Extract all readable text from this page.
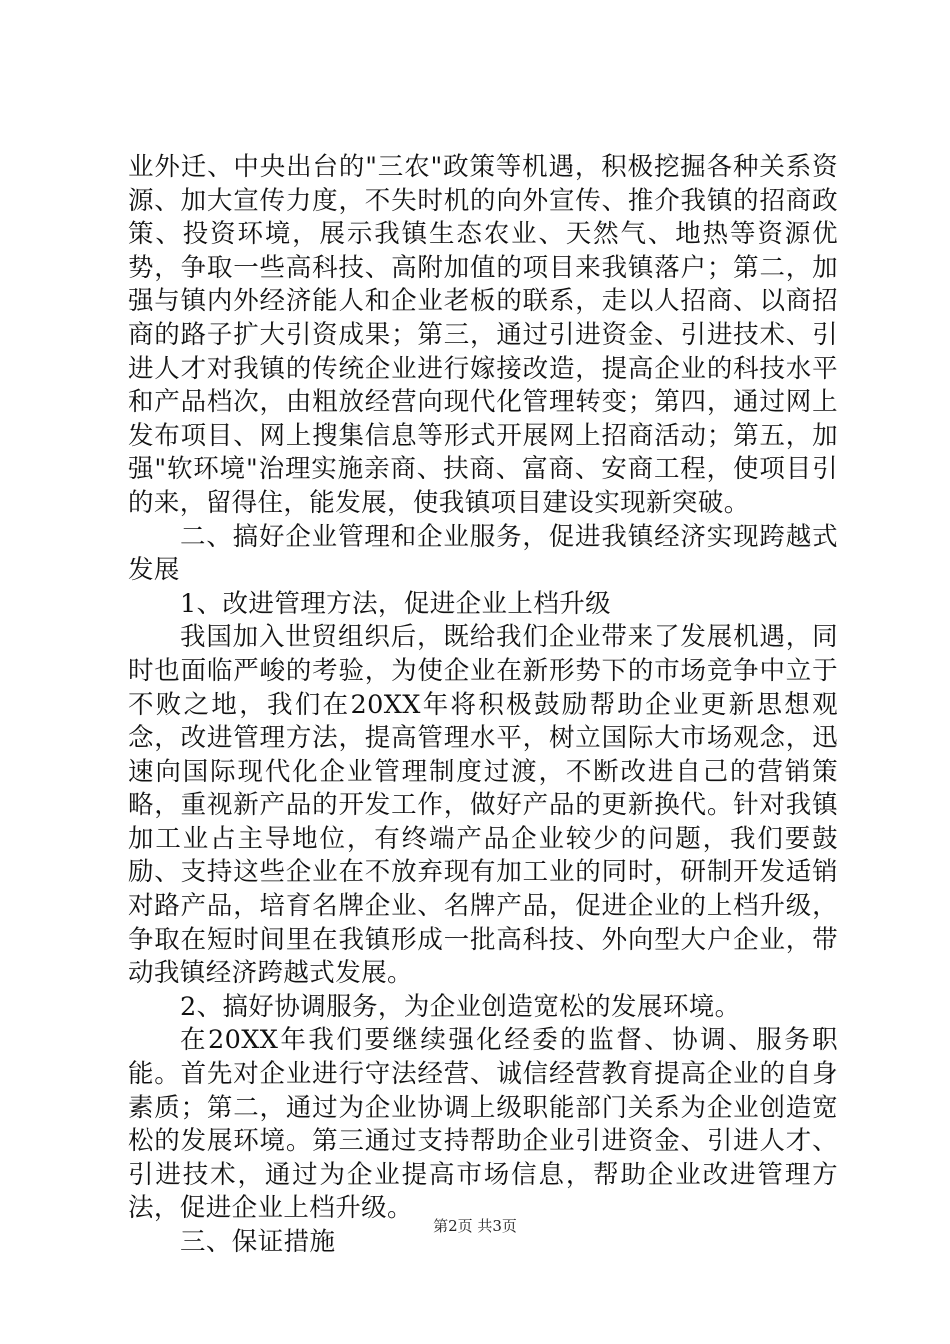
业外迁、中央出台的"三农"政策等机遇，积极挖掘各种关系资源、加大宣传力度，不失时机的向外宣传、推介我镇的招商政策、投资环境，展示我镇生态农业、天然气、地热等资源优势，争取一些高科技、高附加值的项目来我镇落户；第二，加强与镇内外经济能人和企业老板的联系，走以人招商、以商招商的路子扩大引资成果；第三，通过引进资金、引进技术、引进人才对我镇的传统企业进行嫁接改造，提高企业的科技水平和产品档次，由粗放经营向现代化管理转变；第四，通过网上发布项目、网上搜集信息等形式开展网上招商活动；第五，加强"软环境"治理实施亲商、扶商、富商、安商工程，使项目引的来，留得住，能发展，使我镇项目建设实现新突破。

二、搞好企业管理和企业服务，促进我镇经济实现跨越式发展

1、改进管理方法，促进企业上档升级

我国加入世贸组织后，既给我们企业带来了发展机遇，同时也面临严峻的考验，为使企业在新形势下的市场竞争中立于不败之地，我们在20XX年将积极鼓励帮助企业更新思想观念，改进管理方法，提高管理水平，树立国际大市场观念，迅速向国际现代化企业管理制度过渡，不断改进自己的营销策略，重视新产品的开发工作，做好产品的更新换代。针对我镇加工业占主导地位，有终端产品企业较少的问题，我们要鼓励、支持这些企业在不放弃现有加工业的同时，研制开发适销对路产品，培育名牌企业、名牌产品，促进企业的上档升级，争取在短时间里在我镇形成一批高科技、外向型大户企业，带动我镇经济跨越式发展。

2、搞好协调服务，为企业创造宽松的发展环境。

在20XX年我们要继续强化经委的监督、协调、服务职能。首先对企业进行守法经营、诚信经营教育提高企业的自身素质；第二，通过为企业协调上级职能部门关系为企业创造宽松的发展环境。第三通过支持帮助企业引进资金、引进人才、引进技术，通过为企业提高市场信息，帮助企业改进管理方法，促进企业上档升级。

三、保证措施

第2页 共3页
